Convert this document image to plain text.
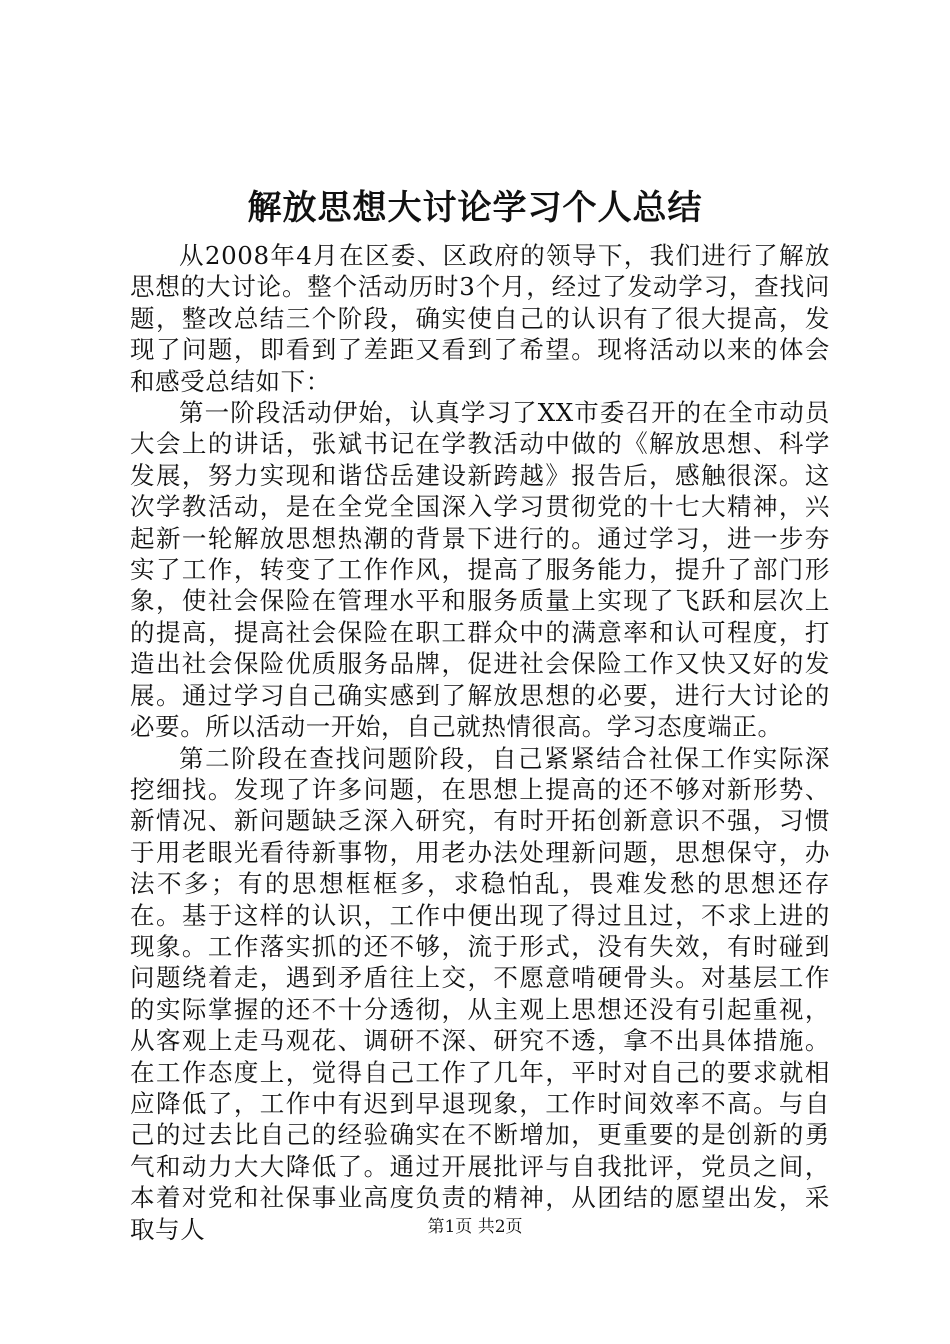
解放思想大讨论学习个人总结

从2008年4月在区委、区政府的领导下，我们进行了解放思想的大讨论。整个活动历时3个月，经过了发动学习，查找问题，整改总结三个阶段，确实使自己的认识有了很大提高，发现了问题，即看到了差距又看到了希望。现将活动以来的体会和感受总结如下：

第一阶段活动伊始，认真学习了XX市委召开的在全市动员大会上的讲话，张斌书记在学教活动中做的《解放思想、科学发展，努力实现和谐岱岳建设新跨越》报告后，感触很深。这次学教活动，是在全党全国深入学习贯彻党的十七大精神，兴起新一轮解放思想热潮的背景下进行的。通过学习，进一步夯实了工作，转变了工作作风，提高了服务能力，提升了部门形象，使社会保险在管理水平和服务质量上实现了飞跃和层次上的提高，提高社会保险在职工群众中的满意率和认可程度，打造出社会保险优质服务品牌，促进社会保险工作又快又好的发展。通过学习自己确实感到了解放思想的必要，进行大讨论的必要。所以活动一开始，自己就热情很高。学习态度端正。

第二阶段在查找问题阶段，自己紧紧结合社保工作实际深挖细找。发现了许多问题，在思想上提高的还不够对新形势、新情况、新问题缺乏深入研究，有时开拓创新意识不强，习惯于用老眼光看待新事物，用老办法处理新问题，思想保守，办法不多；有的思想框框多，求稳怕乱，畏难发愁的思想还存在。基于这样的认识，工作中便出现了得过且过，不求上进的现象。工作落实抓的还不够，流于形式，没有失效，有时碰到问题绕着走，遇到矛盾往上交，不愿意啃硬骨头。对基层工作的实际掌握的还不十分透彻，从主观上思想还没有引起重视，从客观上走马观花、调研不深、研究不透，拿不出具体措施。在工作态度上，觉得自己工作了几年，平时对自己的要求就相应降低了，工作中有迟到早退现象，工作时间效率不高。与自己的过去比自己的经验确实在不断增加，更重要的是创新的勇气和动力大大降低了。通过开展批评与自我批评，党员之间，本着对党和社保事业高度负责的精神，从团结的愿望出发，采取与人	第1页 共2页
